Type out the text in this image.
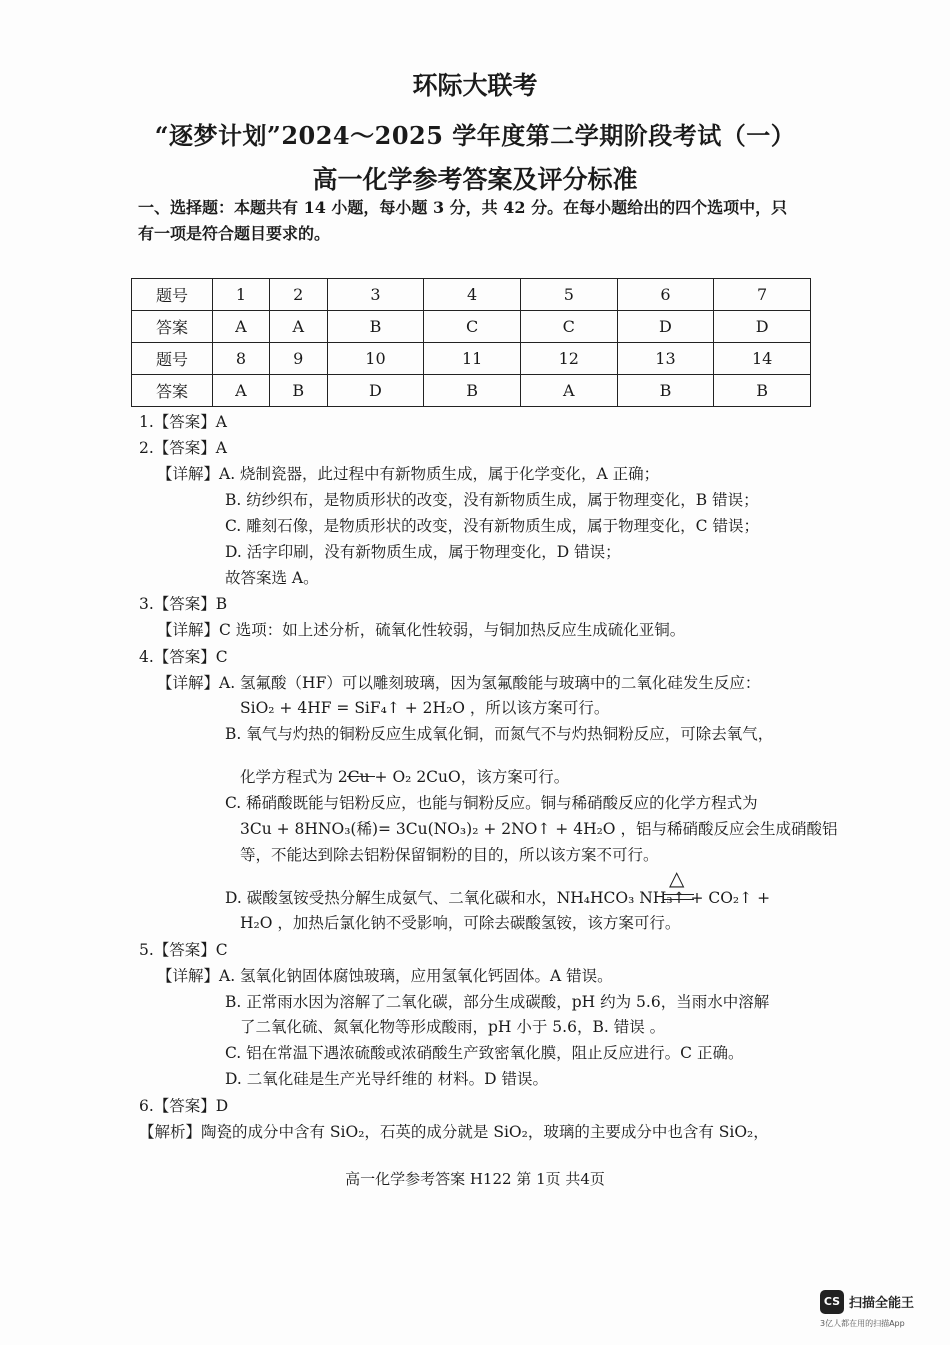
环际大联考
“逐梦计划”2024～2025 学年度第二学期阶段考试（一）
高一化学参考答案及评分标准
一、选择题：本题共有 14 小题，每小题 3 分，共 42 分。在每小题给出的四个选项中，只
有一项是符合题目要求的。
题号	1	2	3	4	5	6	7
答案	A	A	B	C	C	D	D
题号	8	9	10	11	12	13	14
答案	A	B	D	B	A	B	B
1.【答案】A
2.【答案】A
【详解】A. 烧制瓷器，此过程中有新物质生成，属于化学变化，A 正确；
B. 纺纱织布，是物质形状的改变，没有新物质生成，属于物理变化，B 错误；
C. 雕刻石像，是物质形状的改变，没有新物质生成，属于物理变化，C 错误；
D. 活字印刷，没有新物质生成，属于物理变化，D 错误；
故答案选 A。
3.【答案】B
【详解】C 选项：如上述分析，硫氧化性较弱，与铜加热反应生成硫化亚铜。
4.【答案】C
【详解】A. 氢氟酸（HF）可以雕刻玻璃，因为氢氟酸能与玻璃中的二氧化硅发生反应：
SiO₂ + 4HF = SiF₄↑ + 2H₂O ，所以该方案可行。
B. 氧气与灼热的铜粉反应生成氧化铜，而氮气不与灼热铜粉反应，可除去氧气，
化学方程式为 2Cu + O₂ 2CuO，该方案可行。
C. 稀硝酸既能与铝粉反应，也能与铜粉反应。铜与稀硝酸反应的化学方程式为
3Cu + 8HNO₃(稀)= 3Cu(NO₃)₂ + 2NO↑ + 4H₂O ，铝与稀硝酸反应会生成硝酸铝
等，不能达到除去铝粉保留铜粉的目的，所以该方案不可行。
D. 碳酸氢铵受热分解生成氨气、二氧化碳和水，NH₄HCO₃ NH₃↑ + CO₂↑ +
H₂O ，加热后氯化钠不受影响，可除去碳酸氢铵，该方案可行。
5.【答案】C
【详解】A. 氢氧化钠固体腐蚀玻璃，应用氢氧化钙固体。A 错误。
B. 正常雨水因为溶解了二氧化碳，部分生成碳酸，pH 约为 5.6，当雨水中溶解
了二氧化硫、氮氧化物等形成酸雨，pH 小于 5.6，B. 错误 。
C. 铝在常温下遇浓硫酸或浓硝酸生产致密氧化膜，阻止反应进行。C 正确。
D. 二氧化硅是生产光导纤维的 材料。D 错误。
6.【答案】D
【解析】陶瓷的成分中含有 SiO₂，石英的成分就是 SiO₂，玻璃的主要成分中也含有 SiO₂，
△
高一化学参考答案 H122 第 1页 共4页
CS 扫描全能王
3亿人都在用的扫描App
